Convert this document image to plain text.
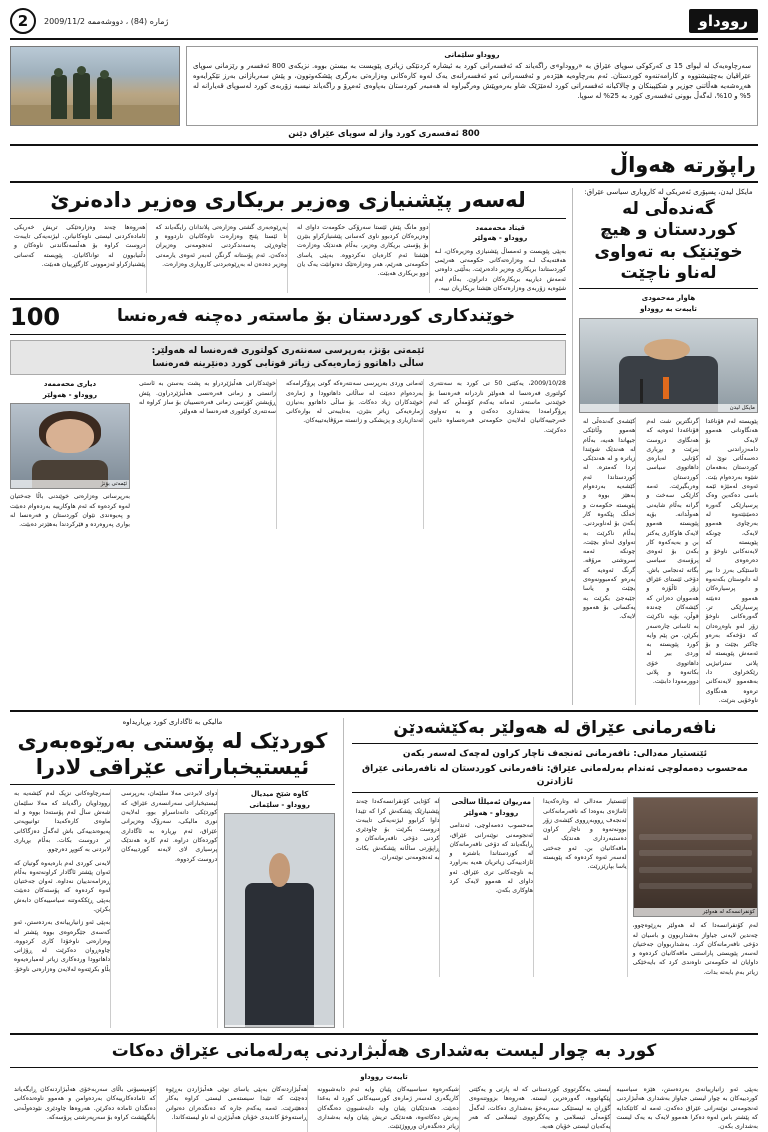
رووداو
ژمارە (84) ، دووشەممە 2009/11/2
2
رووداو سلێمانی
سەرچاوەیەک لە لیوای 15 ی کەرکوکی سوپای عێراق بە «رووداو»ی راگەیاند کە ئەفسەرانی کورد بە ئیشاره‌ کردنێکی زیاتری پێویست بە بیستن بووە. نزیکەی 800 ئەفسەر و رێزمانی سوپای عێراقیان بەچێنیشتووه و کارامەتنەوە کوردستان. ئەم بەرچاوەیە هێژدەر و ئەفسەرانی ئەو ئەفسەرانەی یەک لەوە کارەکانی وەزارەتی بەرگری پێشکەوتوون، و پێش سەربازانی بەرز تێکڕایەوه هەڕەشەیە هەڵاتنی جوزیر و شکێپینکان و چالاکیانە ئەفسەرانی کورد لەمێژێک شاو بەرەوپێش وەرگیراوە لە هەمبەر کوردستان بەپاوەی ئەمڕۆ و راگەیاند نیسبە زۆربەی کورد لەسوپای قەیارانە لە 5% و 10%، لەگەڵ بوونی ئەفسەری کورد بە 25% لە سوپا.
800 ئەفسەری کورد واز لە سوپای عێراق دێنن
راپۆرتە هەواڵ
مایکل لیدن، پسپۆری ئەمریکی لە کاروباری سیاسی عێراق:
گەندەڵی لە کوردستان و هیچ خوێنێک بە تەواوی لەناو ناچێت
هاوار مەحمودی
تایبەت بە رووداو
مایکل لیدن
پێویستە لەم قۆناغدا هەنگاونانی هەموو لایەک بۆ دامەزراندنی دەسەڵاتی نوێ لە کوردستان بەهەمان شێوە بەردەوام بێت. ئەوەی لەمێژە ئێمە باسی دەکەین وەک پرسیارێکی گەورە دەمێنێتەوە لە بەرچاوی هەموو لایەک، چونکە پێویستە کە لایەنەکانی ناوخۆ و دەرەوەی لە ئاستێکی بەرز دا بیر لە دانوستان بکەنەوە و پرسیارەکان هەموو دەبێتە پرسیارێکی تر. گەورەکانی ناوخۆ زۆر لەو باوەڕەدان کە دۆخەکە بەرەو چاکتر بچێت و بۆ ئەمەش پێویستە لە پلانی ستراتیژیی رێکخراوی دا، بەهەموو لایەنەکانی ترەوە هەنگاوی ناوخۆیی بنرێت.
گرنگترین شت لەم قۆناغەدا ئەوەیە کە هەنگاوی دروست بنرێت و بڕیاری کۆتایی لەبارەی داهاتووی سیاسی کوردستان وەربگیرێت. ئەمە کارێکی سەخت و گرانە بەڵام شایەنی هەوڵدانە. بۆیە پێویستە هەموو لایەک هاوکاری یەکتر بن و بەیەکەوە کار بکەن بۆ ئەوەی پرۆسەی سیاسی بگاتە ئەنجامی باش. دۆخی ئێستای عێراق زۆر ئاڵۆزە و هەمووان دەزانن کە کێشەکان چەندە قوڵن، بۆیە ناکرێت بە ئاسانی چارەسەر بکرێن. من پێم وایە کورد پێویستە بە وردی بیر لە داهاتووی خۆی بکاتەوە و پلانی دوورمەودا دابنێت.
کێشەی گەندەڵی لە هەموو وڵاتێکی جیهاندا هەیە، بەڵام لە هەندێک شوێندا زیاترە و لە هەندێکی تردا کەمترە. لە کوردستاندا ئەم کێشەیە بەردەوام بەهێز بووە و پێویستە حکومەت و خەڵک پێکەوە کار بکەن بۆ لەناوبردنی. بەڵام ناکرێت بە تەواوی لەناو بچێت، چونکە ئەمە سروشتی مرۆڤە. گرنگ ئەوەیە کە بەرەو کەمبوونەوەی بچێت و یاسا جێبەجێ بکرێت بە یەکسانی بۆ هەموو لایەک.
لەسەر پێشنیازی وەزیر بریکاری وەزیر دادەنرێ
قیناد محەممەد
رووداو - هەولێر
بەپێی پێویست و ئەمساڵ پێشنیازی وەزیرەکان، لـە هەفتەیەک لـە وەزارەتەکانی حکومەتی هەرێمی کوردستاندا بریکاری وەزیر دادەنرێت. بەڵێنی داوەتی ئەمەش دیارییە بریکارەکان دانراون. بەڵام لەم شێوەیە زۆربەی وەزارەتەکان هێشتا بریکاریان نییە.
دوو مانگ پێش ئێستا سەرۆکی حکومەت داوای لە وەزیرەکان کردبوو ناوی کەسانی پێشنیازکراو بنێرن بۆ پۆستی بریکاری وەزیر، بەڵام هەندێک وەزارەت هێشتا ئەم کارەیان نەکردووە. بەپێی یاسای حکومەتی هەرێم، هەر وەزارەتێک دەتوانێت یەک یان دوو بریکاری هەبێت.
بەڕێوەبەری گشتی وەزارەتی پلاندانان رایگەیاند کە تا ئێستا پێنج وەزارەت ناوەکانیان ناردووە و چاوەڕێی پەسەندکردنی ئەنجومەنی وەزیران دەکەن. ئەم پۆستانە گرنگن لەبەر ئەوەی یارمەتی وەزیر دەدەن لە بەڕێوەبردنی کاروباری وەزارەت.
هەروەها چەند وەزارەتێکی تریش خەریکی ئامادەکردنی لیستی ناوەکانیانن. لیژنەیەکی تایبەت دروست کراوە بۆ هەڵسەنگاندنی ناوەکان و دڵنیابوون لە تواناکانیان. پێویستە کەسانی پێشنیازکراو ئەزموونی کارگێڕییان هەبێت.
خوێندکاری کوردستان بۆ ماستەر دەچنە فەرەنسا
100
ئێمەتی بۆنژ، بەرپرسی سەنتەری کولتوری فەرەنسا لە هەولێر:
ساڵی داهاتوو ژمارەیەکی زیاتر قوتابی کورد دەنێرینە فەرەنسا
2009/10/28، یەکێتی 50 تی کورد بە سەنتەری کولتوری فەرەنسا لە هەولێر ناردرانە فەرەنسا بۆ خوێندنی ماستەر. ئەمانە یەکەم کۆمەڵن کە لەم پرۆگرامەدا بەشداری دەکەن و بە تەواوی خەرجییەکانیان لەلایەن حکومەتی فەرەنساوە دابین دەکرێت.
ئەمانی وردی بەرپرسی سەنتەرەکە گوتی پرۆگرامەکە بەردەوام دەبێت لە ساڵانی داهاتوودا و ژمارەی خوێندکاران زیاد دەکات. بۆ ساڵی داهاتوو بەنیازن ژمارەیەکی زیاتر بنێرن، بەتایبەتی لە بوارەکانی ئەندازیاری و پزیشکی و زانستە مرۆڤایەتییەکان.
خوێندکارانی هەڵبژێردراو بە پشت بەستن بە ئاستی زانستی و زمانی فەرەنسی هەڵبژێردراون. پێش ڕۆیشتن کۆرسی زمانی فەرەنسییان بۆ ساز کراوە لە سەنتەری کولتوری فەرەنسا لە هەولێر.
دیاری محەممەد
رووداو - هەولێر
ئێمەتی بۆنژ
بەرپرسانی وەزارەتی خوێندنی باڵا جەختیان لەوە کردەوە کە ئەم هاوکارییە بەردەوام دەبێت و پەیوەندی نێوان کوردستان و فەرەنسا لە بواری پەروەردە و فێرکردندا بەهێزتر دەبێت.
نافەرمانی عێراق لە هەولێر بەکێشەدێن
ئێنستیار مەدالی: نافەرمانی ئەنجەف ناچار کراون لەچەک لەسەر بکەن
مەحسوب دەمەلوچی ئەندام بەرلەمانی عێراق: نافەرمانی کوردستان لە نافەرمانی عێراق ئازادترن
کۆنفرانسەکە لە هەولێر
لەم کۆنفرانسەدا کە لە هەولێر بەڕێوەچوو، چەندین لایەنی جیاواز بەشداربوون و باسیان لە دۆخی نافەرمانەکان کرد. بەشداربووان جەختیان لەسەر پێویستی پاراستنی مافەکانیان کردەوە و داوایان لە حکومەتی ناوەندی کرد کە بایەخێکی زیاتر بەم بابەتە بدات.
ئێنستیار مەدالی لە وتارەکەیدا ئاماژەی بەوەدا کە نافەرمانەکانی ئەنجەف ڕووبەڕووی کێشەی زۆر بوونەتەوە و ناچار کراون دەستبەرداری هەندێک لە مافەکانیان بن. ئەو جەختی لەسەر ئەوە کردەوە کە پێویستە یاسا بپارێزرێت.
مەریوان ئەمیلڵا ساڵحی
رووداو - هەولێر
مەحسوب دەمەلوچی، ئەندامی ئەنجومەنی نوێنەرانی عێراق، ڕایگەیاند کە دۆخی نافەرمانەکان لە کوردستاندا باشترە و ئازادییەکی زیاتریان هەیە بەراورد بە ناوچەکانی تری عێراق. ئەو داوای لە هەموو لایەک کرد هاوکاری بکەن.
لە کۆتایی کۆنفرانسەکەدا چەند پێشنیارێک پێشکەش کرا کە تێیدا داوا کرابوو لیژنەیەکی تایبەت دروست بکرێت بۆ چاودێری کردنی دۆخی نافەرمانەکان و ڕاپۆرتی ساڵانە پێشکەش بکات بە ئەنجومەنی نوێنەران.
مالیکی بە ئاگاداری کورد بڕیاریداوە
کوردێک لە پۆستی بەرێوەبەری
ئیستیخباراتی عێراقی لادرا
کاوە شێخ میدیال
رووداو - سلێمانی
دوای لابردنی مەلا سلێمان، بەرپرسی ئیستیخباراتی سەرانسەری عێراق، کە کوردێکی دانەناسراو بوو، لەلایەن نوری مالیکی، سەرۆک وەزیرانی عێراق، ئەم بڕیارە بە ئاگاداری کوردەکان دراوە. ئەم کارە هەندێک پرسیاری لای لایەنە کوردییەکان دروست کردووە.
سەرچاوەکانی نزیک لەم کێشەیە بە رووداویان راگەیاند کە مەلا سلێمان شەش ساڵ لەم پۆستەدا بووە و لە ماوەی کارەکەیدا توانیویەتی پەیوەندییەکی باش لەگەڵ دەزگاکانی تر دروست بکات. بەڵام بڕیاری لابردنی بە کتوپڕ دەرچوو.
لایەنی کوردی لەم بارەیەوە گوتیان کە ئەوان پێشتر ئاگادار کراونەتەوە بەڵام ڕەزامەندییان نەداوە. ئەوان جەختیان لەوە کردەوە کە پۆستەکان دەبێت بەپێی ڕێککەوتنە سیاسییەکان دابەش بکرێن.
بەپێی ئەو زانیارییانەی بەردەستن، ئەو کەسەی جێگرەوەی بووە پێشتر لە وەزارەتی ناوخۆدا کاری کردووە. چاوەڕوان دەکرێت لە ڕۆژانی داهاتوودا وردەکاری زیاتر لەمبارەیەوە بڵاو بکرێتەوە لەلایەن وەزارەتی ناوخۆ.
کورد بە چوار لیست بەشداری هەڵبژاردنی پەرلەمانی عێراق دەکات
تایبەت رووداو
بەپێی ئەو زانیارییانەی بەردەستن، هێزە سیاسییە کوردییەکان بە چوار لیستی جیاواز بەشداری هەڵبژاردنی ئەنجومەنی نوێنەرانی عێراق دەکەن. ئەمە لە کاتێکدایە کە پێشتر باس لەوە دەکرا هەموو لایەک بە یەک لیست بەشداری بکەن.
لیستی یەکگرتووی کوردستانی کە لە پارتی و یەکێتی پێکهاتووە، گەورەترین لیستە. هەروەها بزووتنەوەی گۆڕان بە لیستێکی سەربەخۆ بەشداری دەکات، لەگەڵ کۆمەڵی ئیسلامی و یەکگرتووی ئیسلامی کە هەر یەکەیان لیستی خۆیان هەیە.
شیکەرەوە سیاسییەکان پێیان وایە ئەم دابەشبوونە کاریگەری لەسەر ژمارەی کورسییەکانی کورد لە بەغدا دەبێت. هەندێکیان پێیان وایە دابەشبوون دەنگەکان پەرش دەکاتەوە، هەندێکی تریش پێیان وایە بەشداری زیاتر دەنگدەران ورووژێنێت.
هەڵبژاردنەکان بەپێی یاسای نوێی هەڵبژاردن بەڕێوە دەچێت کە تێیدا سیستەمی لیستی کراوە بەکار دەهێنرێت. ئەمە یەکەم جارە کە دەنگدەران دەتوانن ڕاستەوخۆ کاندیدی خۆیان هەڵبژێرن لە ناو لیستەکاندا.
کۆمیسیۆنی باڵای سەربەخۆی هەڵبژاردنەکان ڕایگەیاند کە ئامادەکارییەکان بەردەوامن و هەموو ناوەندەکانی دەنگدان ئامادە دەکرێن. هەروەها چاودێری نێودەوڵەتی بانگهێشت کراوە بۆ سەرپەرشتی پرۆسەکە.
